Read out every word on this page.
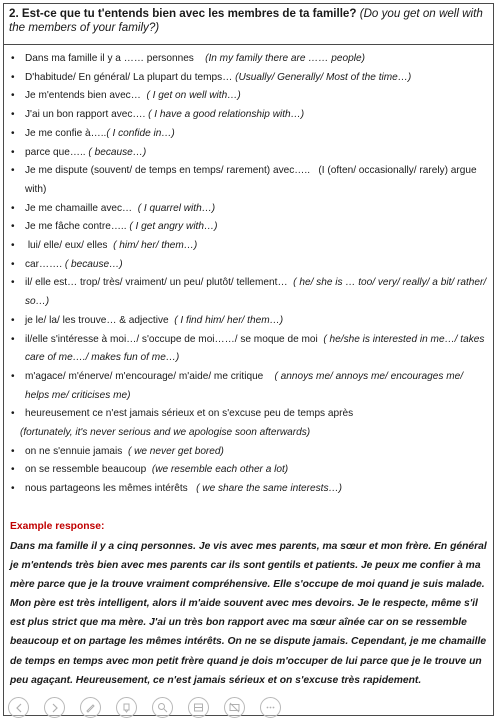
2. Est-ce que tu t'entends bien avec les membres de ta famille? (Do you get on well with the members of your family?)
• Dans ma famille il y a …… personnes (In my family there are …… people)
• D'habitude/ En général/ La plupart du temps… (Usually/ Generally/ Most of the time…)
• Je m'entends bien avec… ( I get on well with…)
• J'ai un bon rapport avec…. ( I have a good relationship with…)
• Je me confie à…..( I confide in…)
• parce que….. ( because…)
• Je me dispute (souvent/ de temps en temps/ rarement) avec….. (I (often/ occasionally/ rarely) argue with)
• Je me chamaille avec… ( I quarrel with…)
• Je me fâche contre….. ( I get angry with…)
• lui/ elle/ eux/ elles ( him/ her/ them…)
• car……. ( because…)
• il/ elle est… trop/ très/ vraiment/ un peu/ plutôt/ tellement… ( he/ she is … too/ very/ really/ a bit/ rather/ so…)
• je le/ la/ les trouve… & adjective ( I find him/ her/ them…)
• il/elle s'intéresse à moi…/ s'occupe de moi……/ se moque de moi ( he/she is interested in me…/ takes care of me…./ makes fun of me…)
• m'agace/ m'énerve/ m'encourage/ m'aide/ me critique ( annoys me/ annoys me/ encourages me/ helps me/ criticises me)
• heureusement ce n'est jamais sérieux et on s'excuse peu de temps après
(fortunately, it's never serious and we apologise soon afterwards)
• on ne s'ennuie jamais ( we never get bored)
• on se ressemble beaucoup (we resemble each other a lot)
• nous partageons les mêmes intérêts ( we share the same interests…)
Example response:
Dans ma famille il y a cinq personnes. Je vis avec mes parents, ma sœur et mon frère. En général je m'entends très bien avec mes parents car ils sont gentils et patients. Je peux me confier à ma mère parce que je la trouve vraiment compréhensive. Elle s'occupe de moi quand je suis malade. Mon père est très intelligent, alors il m'aide souvent avec mes devoirs. Je le respecte, même s'il est plus strict que ma mère. J'ai un très bon rapport avec ma sœur aînée car on se ressemble beaucoup et on partage les mêmes intérêts. On ne se dispute jamais. Cependant, je me chamaille de temps en temps avec mon petit frère quand je dois m'occuper de lui parce que je le trouve un peu agaçant. Heureusement, ce n'est jamais sérieux et on s'excuse très rapidement.
